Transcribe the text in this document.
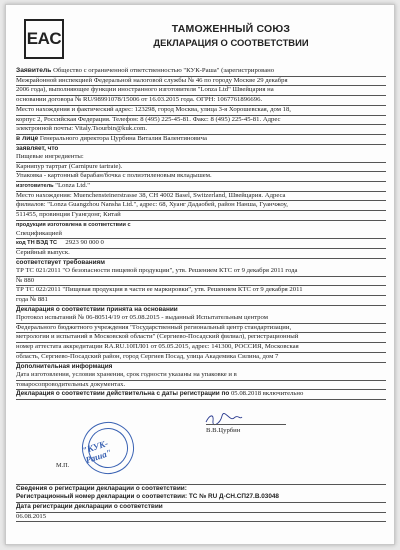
EAC	ТАМОЖЕННЫЙ СОЮЗ
ДЕКЛАРАЦИЯ О СООТВЕТСТВИИ
Заявитель Общество с ограниченной ответственностью "КУК-Раша" (зарегистрировано
Межрайонной инспекцией Федеральной налоговой службы № 46 по городу Москве 29 декабря
2006 года), выполняющее функции иностранного изготовителя "Lonza Ltd" Швейцария на
основании договора № RU/98991078/15006 от 16.03.2015 года. ОГРН: 1067761896696.
Место нахождения и фактический адрес: 123298, город Москва, улица 3-я Хорошевская, дом 18,
корпус 2, Российская Федерация. Телефон: 8 (495) 225-45-81. Факс: 8 (495) 225-45-81. Адрес
электронной почты: Vitaly.Tsourbin@kuk.com.
в лице Генерального директора Цурбина Виталия Валентиновича
заявляет, что
Пищевые ингредиенты:
Карнипур тартрат (Carnipure tartrate).
Упаковка - картонный барабан/бочка с полиэтиленовым вкладышем.
изготовитель "Lonza Ltd."
Место нахождения: Muenchensteinerstrasse 38, CH 4002 Basel, Switzerland, Швейцария. Адреса
филиалов: "Lonza Guangzhou Nansha Ltd.", адрес: 68, Хуанг Дадаобей, район Нанша, Гуанчжоу,
511455, провинция Гуангдонг, Китай
продукция изготовлена в соответствии с
Спецификацией
код ТН ВЭД ТС 2923 90 000 0
Серийный выпуск.
соответствует требованиям
ТР ТС 021/2011 "О безопасности пищевой продукции", утв. Решением КТС от 9 декабря 2011 года
№ 880
ТР ТС 022/2011 "Пищевая продукция в части ее маркировки", утв. Решением КТС от 9 декабря 2011
года № 881
Декларация о соответствии принята на основании
Протокол испытаний № 06-80514/19 от 05.08.2015 - выданный Испытательным центром
Федерального бюджетного учреждения "Государственный региональный центр стандартизации,
метрологии и испытаний в Московской области" (Сергиево-Посадский филиал), регистрационный
номер аттестата аккредитации RA.RU.10ПЛ01 от 05.05.2015, адрес: 141300, РОССИЯ, Московская
область, Сергиево-Посадский район, город Сергиев Посад, улица Академика Силина, дом 7
Дополнительная информация
Дата изготовления, условия хранения, срок годности указаны на упаковке и в
товаросопроводительных документах.
Декларация о соответствии действительна с даты регистрации по 05.08.2018 включительно
В.В.Цурбин
"КУК-Раша"
М.П.
Сведения о регистрации декларации о соответствии:
Регистрационный номер декларации о соответствии: ТС № RU Д-CH.СП27.В.03048
Дата регистрации декларации о соответствии
06.08.2015
